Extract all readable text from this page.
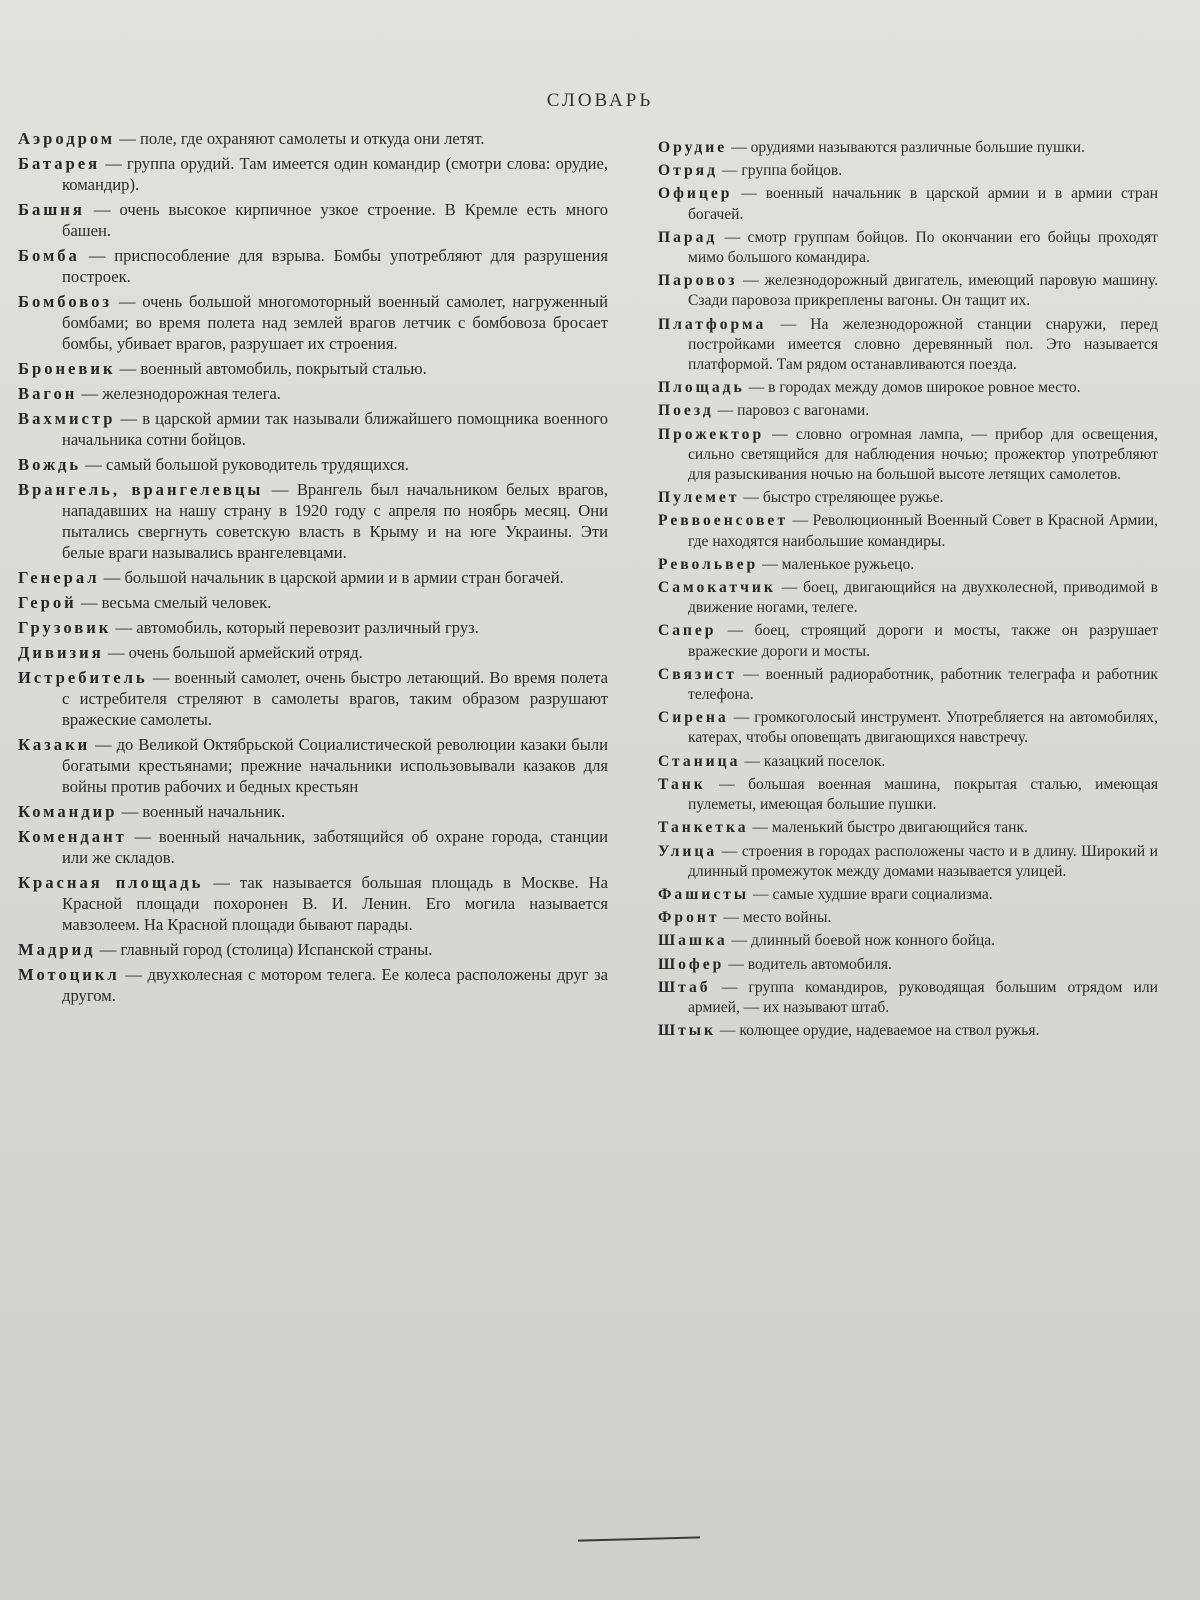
СЛОВАРЬ

Аэродром — поле, где охраняют самолеты и откуда они летят.

Батарея — группа орудий. Там имеется один командир (смотри слова: орудие, командир).

Башня — очень высокое кирпичное узкое строение. В Кремле есть много башен.

Бомба — приспособление для взрыва. Бомбы употребляют для разрушения построек.

Бомбовоз — очень большой многомоторный военный самолет, нагруженный бомбами; во время полета над землей врагов летчик с бомбовоза бросает бомбы, убивает врагов, разрушает их строения.

Броневик — военный автомобиль, покрытый сталью.

Вагон — железнодорожная телега.

Вахмистр — в царской армии так называли ближайшего помощника военного начальника сотни бойцов.

Вождь — самый большой руководитель трудящихся.

Врангель, врангелевцы — Врангель был начальником белых врагов, нападавших на нашу страну в 1920 году с апреля по ноябрь месяц. Они пытались свергнуть советскую власть в Крыму и на юге Украины. Эти белые враги назывались врангелевцами.

Генерал — большой начальник в царской армии и в армии стран богачей.

Герой — весьма смелый человек.

Грузовик — автомобиль, который перевозит различный груз.

Дивизия — очень большой армейский отряд.

Истребитель — военный самолет, очень быстро летающий. Во время полета с истребителя стреляют в самолеты врагов, таким образом разрушают вражеские самолеты.

Казаки — до Великой Октябрьской Социалистической революции казаки были богатыми крестьянами; прежние начальники использовывали казаков для войны против рабочих и бедных крестьян

Командир — военный начальник.

Комендант — военный начальник, заботящийся об охране города, станции или же складов.

Красная площадь — так называется большая площадь в Москве. На Красной площади похоронен В. И. Ленин. Его могила называется мавзолеем. На Красной площади бывают парады.

Мадрид — главный город (столица) Испанской страны.

Мотоцикл — двухколесная с мотором телега. Ее колеса расположены друг за другом.

Орудие — орудиями называются различные большие пушки.

Отряд — группа бойцов.

Офицер — военный начальник в царской армии и в армии стран богачей.

Парад — смотр группам бойцов. По окончании его бойцы проходят мимо большого командира.

Паровоз — железнодорожный двигатель, имеющий паровую машину. Сзади паровоза прикреплены вагоны. Он тащит их.

Платформа — На железнодорожной станции снаружи, перед постройками имеется словно деревянный пол. Это называется платформой. Там рядом останавливаются поезда.

Площадь — в городах между домов широкое ровное место.

Поезд — паровоз с вагонами.

Прожектор — словно огромная лампа, — прибор для освещения, сильно светящийся для наблюдения ночью; прожектор употребляют для разыскивания ночью на большой высоте летящих самолетов.

Пулемет — быстро стреляющее ружье.

Реввоенсовет — Революционный Военный Совет в Красной Армии, где находятся наибольшие командиры.

Револьвер — маленькое ружьецо.

Самокатчик — боец, двигающийся на двухколесной, приводимой в движение ногами, телеге.

Сапер — боец, строящий дороги и мосты, также он разрушает вражеские дороги и мосты.

Связист — военный радиоработник, работник телеграфа и работник телефона.

Сирена — громкоголосый инструмент. Употребляется на автомобилях, катерах, чтобы оповещать двигающихся навстречу.

Станица — казацкий поселок.

Танк — большая военная машина, покрытая сталью, имеющая пулеметы, имеющая большие пушки.

Танкетка — маленький быстро двигающийся танк.

Улица — строения в городах расположены часто и в длину. Широкий и длинный промежуток между домами называется улицей.

Фашисты — самые худшие враги социализма.

Фронт — место войны.

Шашка — длинный боевой нож конного бойца.

Шофер — водитель автомобиля.

Штаб — группа командиров, руководящая большим отрядом или армией, — их называют штаб.

Штык — колющее орудие, надеваемое на ствол ружья.
